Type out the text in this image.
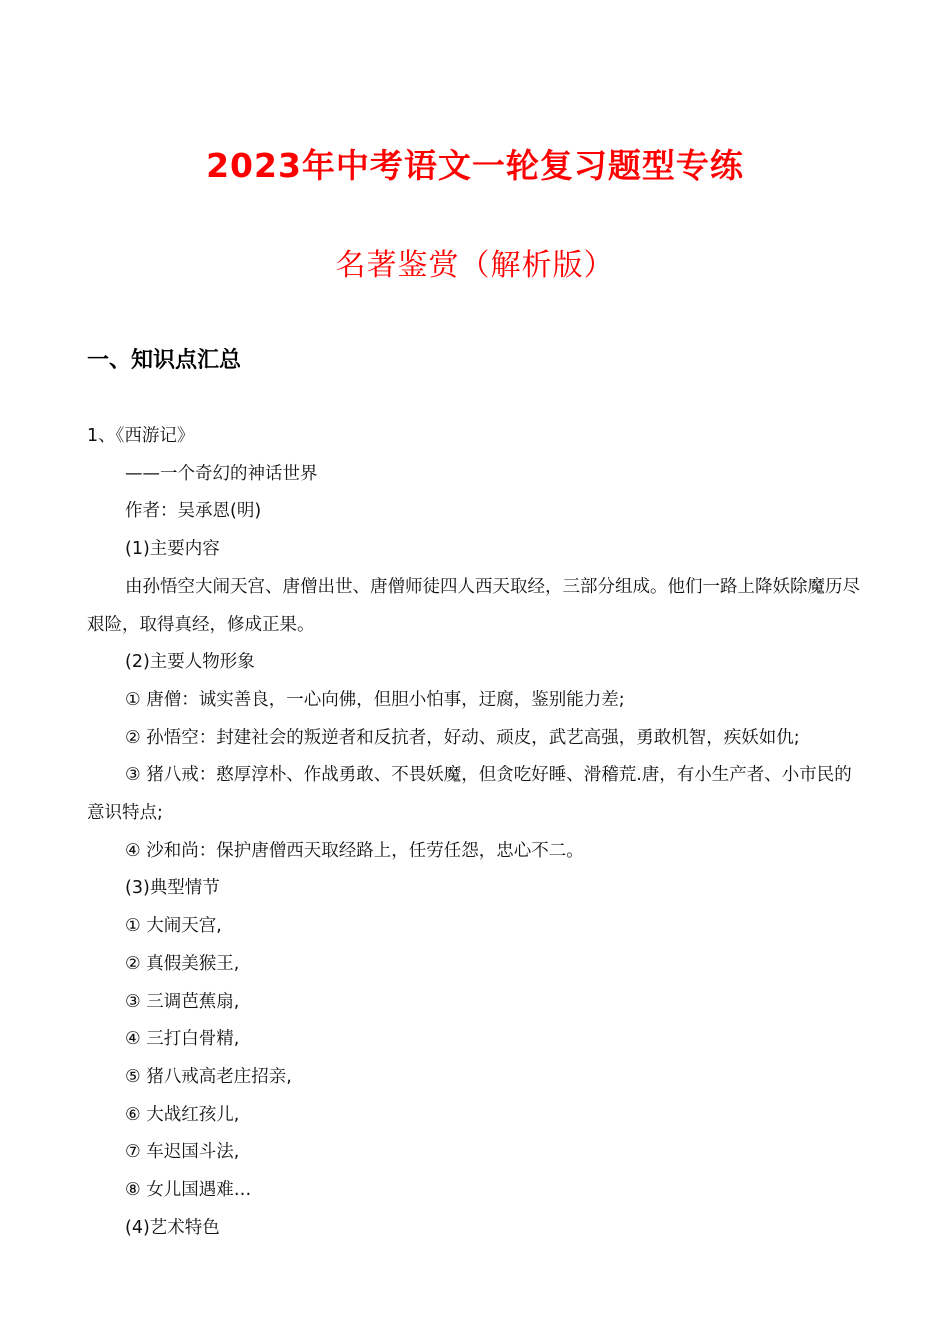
2023年中考语文一轮复习题型专练
名著鉴赏（解析版）
一、知识点汇总

1、《西游记》

——一个奇幻的神话世界

作者：吴承恩(明)

(1)主要内容

由孙悟空大闹天宫、唐僧出世、唐僧师徒四人西天取经，三部分组成。他们一路上降妖除魔历尽艰险，取得真经，修成正果。

(2)主要人物形象

① 唐僧：诚实善良，一心向佛，但胆小怕事，迂腐，鉴别能力差;

② 孙悟空：封建社会的叛逆者和反抗者，好动、顽皮，武艺高强，勇敢机智，疾妖如仇;

③ 猪八戒：憨厚淳朴、作战勇敢、不畏妖魔，但贪吃好睡、滑稽荒.唐，有小生产者、小市民的意识特点;

④ 沙和尚：保护唐僧西天取经路上，任劳任怨，忠心不二。

(3)典型情节

① 大闹天宫,

② 真假美猴王,

③ 三调芭蕉扇,

④ 三打白骨精,

⑤ 猪八戒高老庄招亲,

⑥ 大战红孩儿,

⑦ 车迟国斗法,

⑧ 女儿国遇难…

(4)艺术特色
